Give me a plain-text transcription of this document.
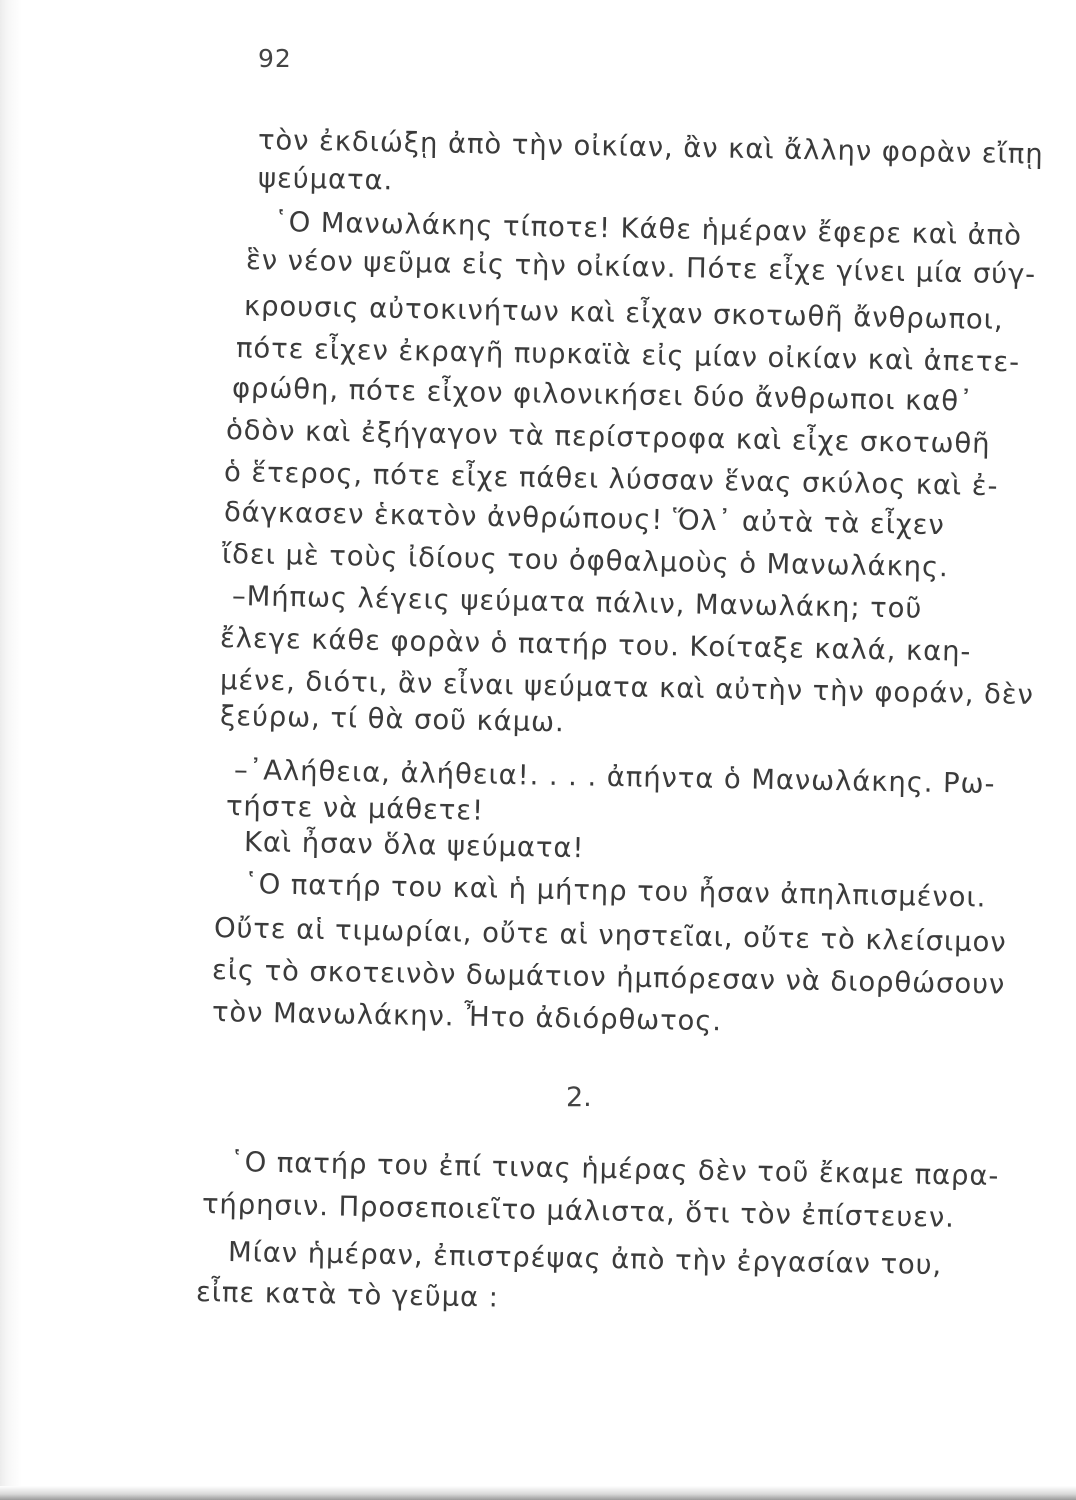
92
τὸν ἐκδιώξῃ ἀπὸ τὴν οἰκίαν, ἂν καὶ ἄλλην φορὰν εἴπῃ
ψεύματα.
῾Ο Μανωλάκης τίποτε! Κάθε ἡμέραν ἔφερε καὶ ἀπὸ
ἓν νέον ψεῦμα εἰς τὴν οἰκίαν. Πότε εἶχε γίνει μία σύγ-
κρουσις αὐτοκινήτων καὶ εἶχαν σκοτωθῆ ἄνθρωποι,
πότε εἶχεν ἐκραγῆ πυρκαϊὰ εἰς μίαν οἰκίαν καὶ ἀπετε-
φρώθη, πότε εἶχον φιλονικήσει δύο ἄνθρωποι καθ᾽
ὁδὸν καὶ ἐξήγαγον τὰ περίστροφα καὶ εἶχε σκοτωθῆ
ὁ ἕτερος, πότε εἶχε πάθει λύσσαν ἕνας σκύλος καὶ ἐ-
δάγκασεν ἑκατὸν ἀνθρώπους! Ὅλ᾽ αὐτὰ τὰ εἶχεν
ἴδει μὲ τοὺς ἰδίους του ὀφθαλμοὺς ὁ Μανωλάκης.
–Μήπως λέγεις ψεύματα πάλιν, Μανωλάκη; τοῦ
ἔλεγε κάθε φορὰν ὁ πατήρ του. Κοίταξε καλά, καη-
μένε, διότι, ἂν εἶναι ψεύματα καὶ αὐτὴν τὴν φοράν, δὲν
ξεύρω, τί θὰ σοῦ κάμω.
–᾽Αλήθεια, ἀλήθεια!. . . . ἀπήντα ὁ Μανωλάκης. Ρω-
τήστε νὰ μάθετε!
Καὶ ἦσαν ὅλα ψεύματα!
῾Ο πατήρ του καὶ ἡ μήτηρ του ἦσαν ἀπηλπισμένοι.
Οὔτε αἱ τιμωρίαι, οὔτε αἱ νηστεῖαι, οὔτε τὸ κλείσιμον
εἰς τὸ σκοτεινὸν δωμάτιον ἠμπόρεσαν νὰ διορθώσουν
τὸν Μανωλάκην. Ἦτο ἀδιόρθωτος.
2.
῾Ο πατήρ του ἐπί τινας ἡμέρας δὲν τοῦ ἔκαμε παρα-
τήρησιν. Προσεποιεῖτο μάλιστα, ὅτι τὸν ἐπίστευεν.
Μίαν ἡμέραν, ἐπιστρέψας ἀπὸ τὴν ἐργασίαν του,
εἶπε κατὰ τὸ γεῦμα :
